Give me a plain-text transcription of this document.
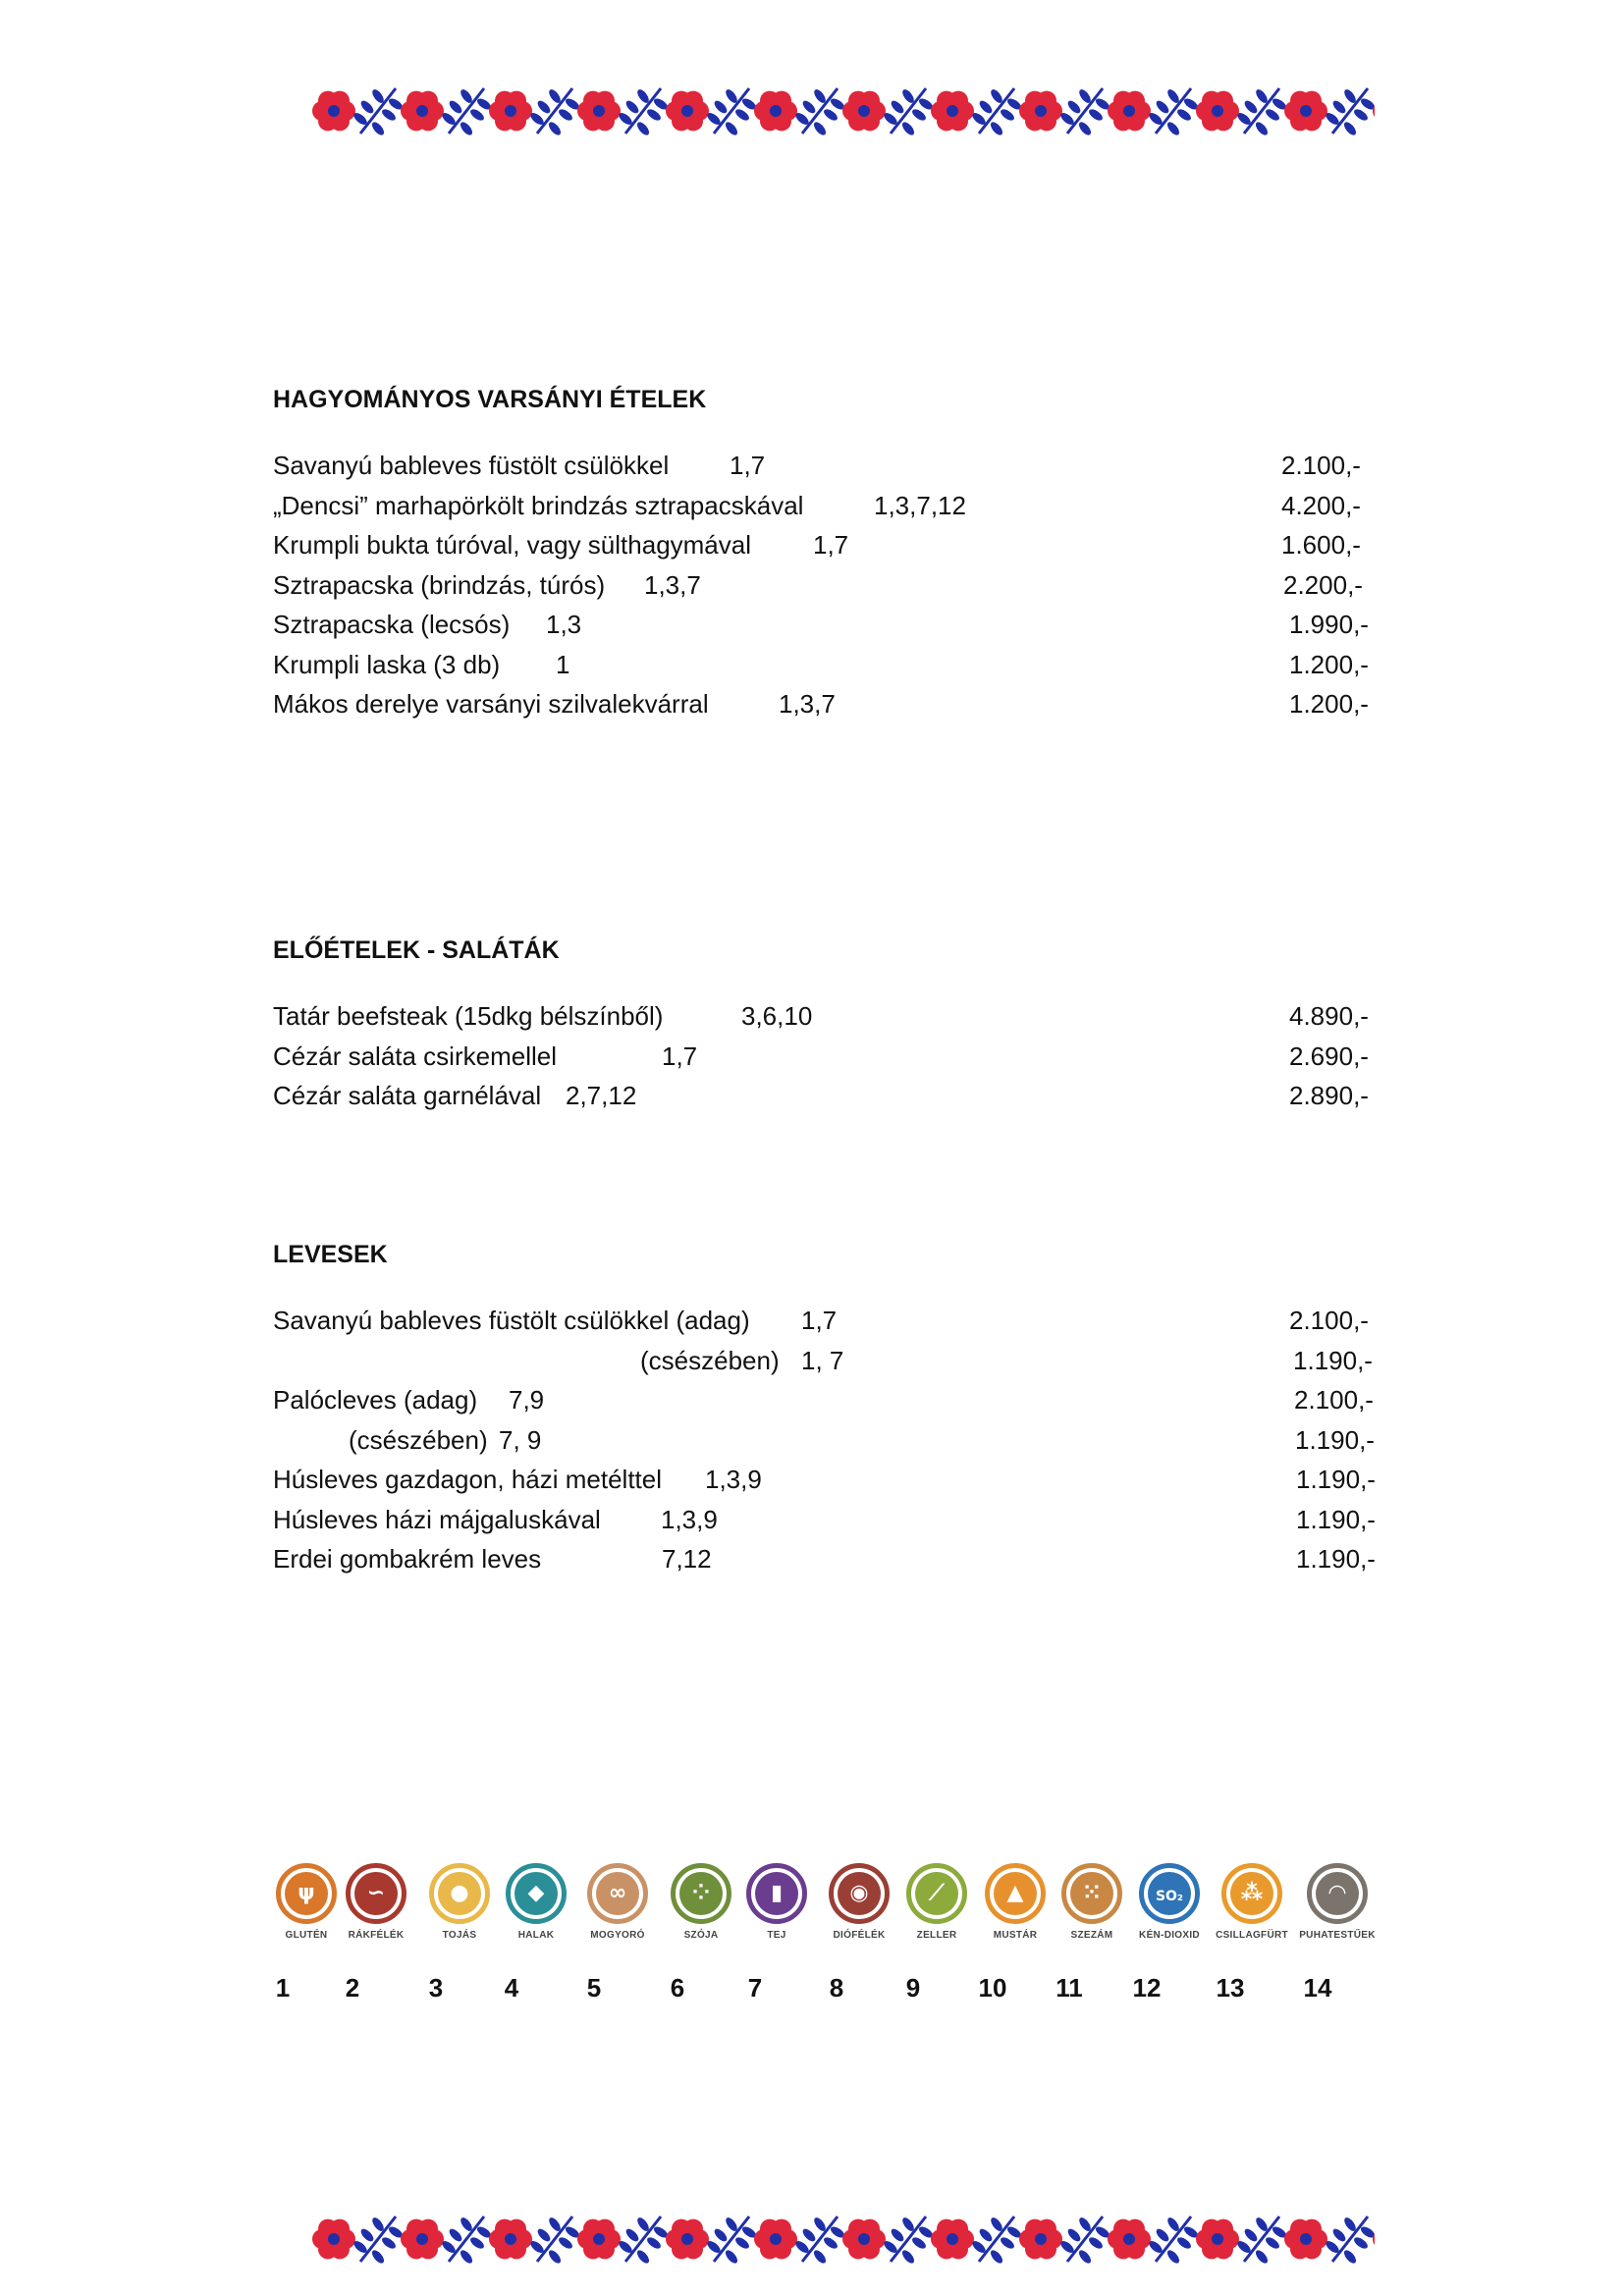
HAGYOMÁNYOS VARSÁNYI ÉTELEK
Savanyú bableves füstölt csülökkel 1,7	2.100,-
„Dencsi” marhapörkölt brindzás sztrapacskával	1,3,7,12	4.200,-
Krumpli bukta túróval, vagy sülthagymával 1,7	1.600,-
Sztrapacska (brindzás, túrós) 1,3,7	2.200,-
Sztrapacska (lecsós) 1,3	1.990,-
Krumpli laska (3 db) 1	1.200,-
Mákos derelye varsányi szilvalekvárral	1,3,7	1.200,-
ELŐÉTELEK - SALÁTÁK
Tatár beefsteak (15dkg bélszínből)	3,6,10	4.890,-
Cézár saláta csirkemellel	1,7	2.690,-
Cézár saláta garnélával 2,7,12	2.890,-
LEVESEK
Savanyú bableves füstölt csülökkel (adag) 1,7	2.100,-
(csészében) 1, 7	1.190,-
Palócleves (adag) 7,9	2.100,-
(csészében) 7, 9	1.190,-
Húsleves gazdagon, házi metélttel 1,3,9	1.190,-
Húsleves házi májgaluskával 1,3,9	1.190,-
Erdei gombakrém leves	7,12	1.190,-
ψ
GLUTÉN
1
∽
RÁKFÉLÉK
2
●
TOJÁS
3
◆
HALAK
4
∞
MOGYORÓ
5
⁘
SZÓJA
6
▮
TEJ
7
◉
DIÓFÉLÉK
8
⟋
ZELLER
9
▲
MUSTÁR
10
⁙
SZEZÁM
11
SO₂
KÉN-DIOXID
12
⁂
CSILLAGFÜRT
13
◠
PUHATESTŰEK
14
